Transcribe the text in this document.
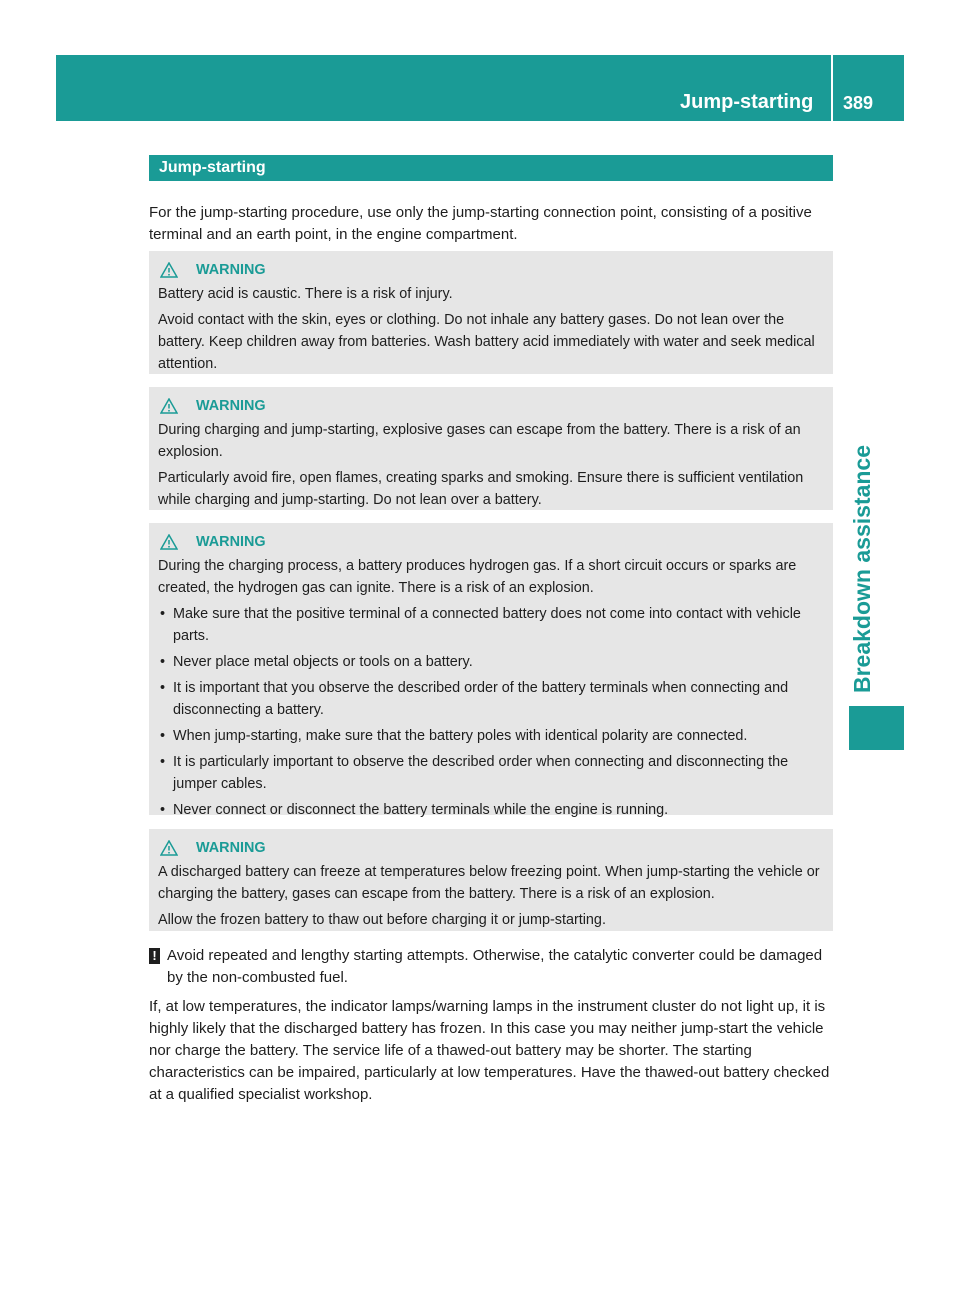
Jump-starting 389
Breakdown assistance
Jump-starting
For the jump-starting procedure, use only the jump-starting connection point, consisting of a positive terminal and an earth point, in the engine compartment.
WARNING

Battery acid is caustic. There is a risk of injury.

Avoid contact with the skin, eyes or clothing. Do not inhale any battery gases. Do not lean over the battery. Keep children away from batteries. Wash battery acid immediately with water and seek medical attention.

WARNING

During charging and jump-starting, explosive gases can escape from the battery. There is a risk of an explosion.

Particularly avoid fire, open flames, creating sparks and smoking. Ensure there is sufficient ventilation while charging and jump-starting. Do not lean over a battery.

WARNING

During the charging process, a battery produces hydrogen gas. If a short circuit occurs or sparks are created, the hydrogen gas can ignite. There is a risk of an explosion.

• Make sure that the positive terminal of a connected battery does not come into contact with vehicle parts.
• Never place metal objects or tools on a battery.
• It is important that you observe the described order of the battery terminals when connecting and disconnecting a battery.
• When jump-starting, make sure that the battery poles with identical polarity are connected.
• It is particularly important to observe the described order when connecting and disconnecting the jumper cables.
• Never connect or disconnect the battery terminals while the engine is running.
WARNING

A discharged battery can freeze at temperatures below freezing point. When jump-starting the vehicle or charging the battery, gases can escape from the battery. There is a risk of an explosion.

Allow the frozen battery to thaw out before charging it or jump-starting.

! Avoid repeated and lengthy starting attempts. Otherwise, the catalytic converter could be damaged by the non-combusted fuel.
If, at low temperatures, the indicator lamps/warning lamps in the instrument cluster do not light up, it is highly likely that the discharged battery has frozen. In this case you may neither jump-start the vehicle nor charge the battery. The service life of a thawed-out battery may be shorter. The starting characteristics can be impaired, particularly at low temperatures. Have the thawed-out battery checked at a qualified specialist workshop.
